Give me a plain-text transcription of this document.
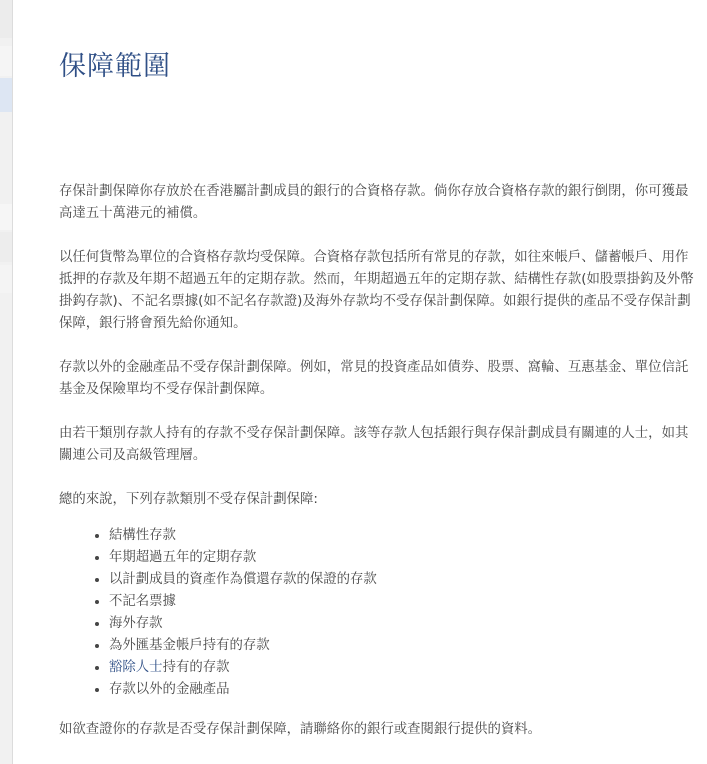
保障範圍

存保計劃保障你存放於在香港屬計劃成員的銀行的合資格存款。倘你存放合資格存款的銀行倒閉，你可獲最高達五十萬港元的補償。

以任何貨幣為單位的合資格存款均受保障。合資格存款包括所有常見的存款，如往來帳戶、儲蓄帳戶、用作抵押的存款及年期不超過五年的定期存款。然而，年期超過五年的定期存款、結構性存款(如股票掛鈎及外幣掛鈎存款)、不記名票據(如不記名存款證)及海外存款均不受存保計劃保障。如銀行提供的產品不受存保計劃保障，銀行將會預先給你通知。

存款以外的金融產品不受存保計劃保障。例如，常見的投資產品如債券、股票、窩輪、互惠基金、單位信託基金及保險單均不受存保計劃保障。

由若干類別存款人持有的存款不受存保計劃保障。該等存款人包括銀行與存保計劃成員有關連的人士，如其關連公司及高級管理層。

總的來說，下列存款類別不受存保計劃保障:

• 結構性存款
• 年期超過五年的定期存款
• 以計劃成員的資產作為償還存款的保證的存款
• 不記名票據
• 海外存款
• 為外匯基金帳戶持有的存款
• 豁除人士持有的存款
• 存款以外的金融產品

如欲查證你的存款是否受存保計劃保障，請聯絡你的銀行或查閱銀行提供的資料。
